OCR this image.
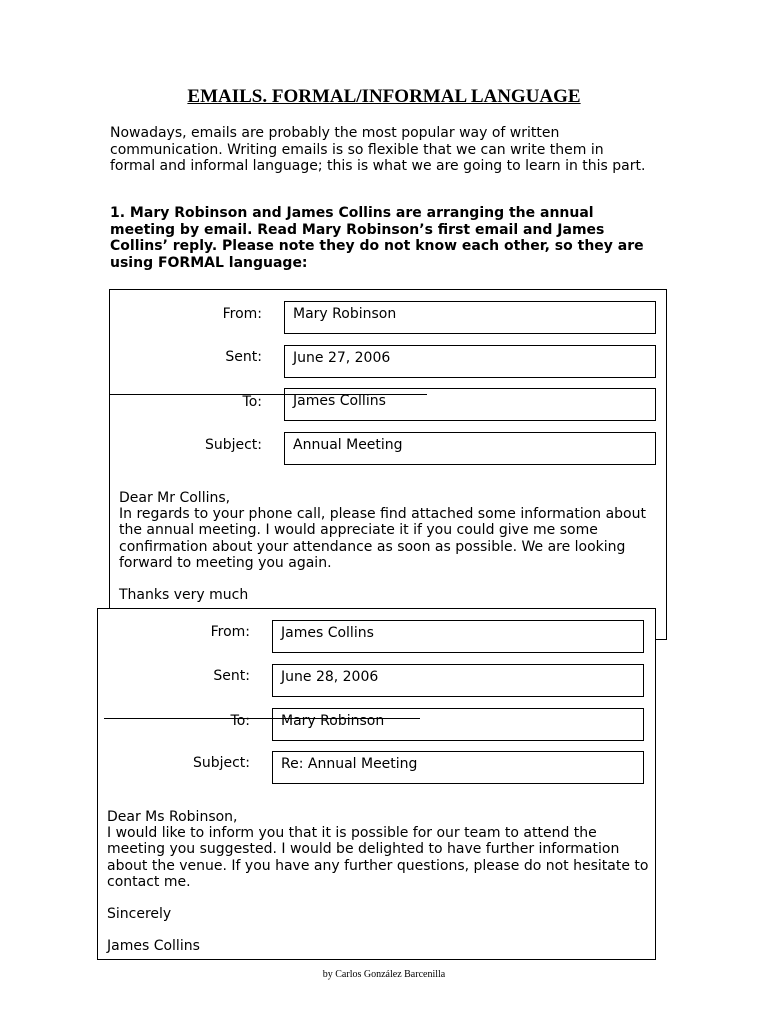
EMAILS. FORMAL/INFORMAL LANGUAGE
Nowadays, emails are probably the most popular way of written communication. Writing emails is so flexible that we can write them in formal and informal language; this is what we are going to learn in this part.
1. Mary Robinson and James Collins are arranging the annual meeting by email. Read Mary Robinson’s first email and James Collins’ reply. Please note they do not know each other, so they are using FORMAL language:
From:	Mary Robinson
Sent:	June 27, 2006
To:	James Collins
Subject:	Annual Meeting
Dear Mr Collins,
In regards to your phone call, please find attached some information about the annual meeting. I would appreciate it if you could give me some confirmation about your attendance as soon as possible. We are looking forward to meeting you again.
Thanks very much
From:	James Collins
Sent:	June 28, 2006
To:	Mary Robinson
Subject:	Re: Annual Meeting
Dear Ms Robinson,
I would like to inform you that it is possible for our team to attend the meeting you suggested. I would be delighted to have further information about the venue. If you have any further questions, please do not hesitate to contact me.
Sincerely
James Collins
by Carlos González Barcenilla
